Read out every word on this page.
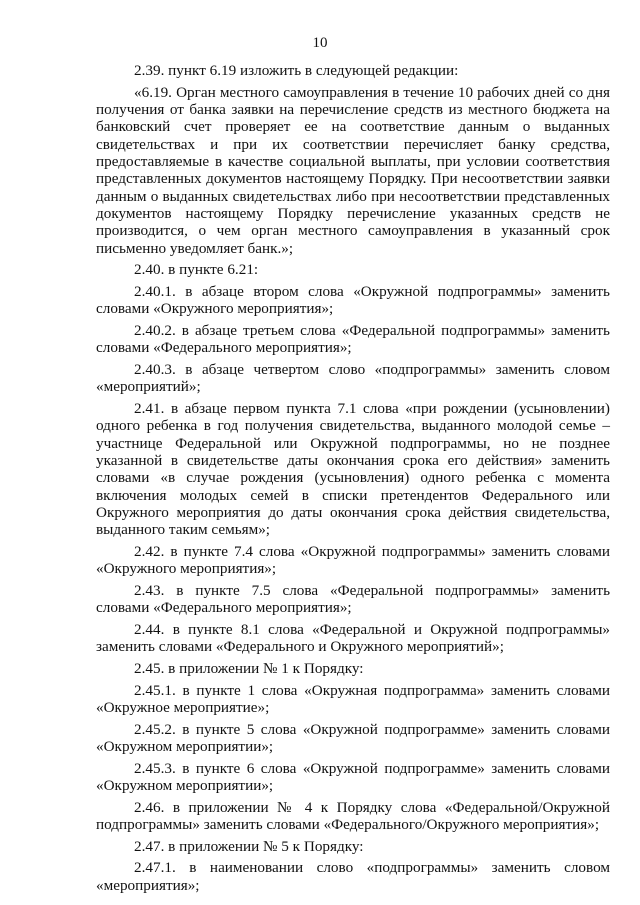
10

2.39. пункт 6.19 изложить в следующей редакции:

«6.19. Орган местного самоуправления в течение 10 рабочих дней со дня получения от банка заявки на перечисление средств из местного бюджета на банковский счет проверяет ее на соответствие данным о выданных свидетельствах и при их соответствии перечисляет банку средства, предоставляемые в качестве социальной выплаты, при условии соответствия представленных документов настоящему Порядку. При несоответствии заявки данным о выданных свидетельствах либо при несоответствии представленных документов настоящему Порядку перечисление указанных средств не производится, о чем орган местного самоуправления в указанный срок письменно уведомляет банк.»;

2.40. в пункте 6.21:

2.40.1. в абзаце втором слова «Окружной подпрограммы» заменить словами «Окружного мероприятия»;

2.40.2. в абзаце третьем слова «Федеральной подпрограммы» заменить словами «Федерального мероприятия»;

2.40.3. в абзаце четвертом слово «подпрограммы» заменить словом «мероприятий»;

2.41. в абзаце первом пункта 7.1 слова «при рождении (усыновлении) одного ребенка в год получения свидетельства, выданного молодой семье – участнице Федеральной или Окружной подпрограммы, но не позднее указанной в свидетельстве даты окончания срока его действия» заменить словами «в случае рождения (усыновления) одного ребенка с момента включения молодых семей в списки претендентов Федерального или Окружного мероприятия до даты окончания срока действия свидетельства, выданного таким семьям»;

2.42. в пункте 7.4 слова «Окружной подпрограммы» заменить словами «Окружного мероприятия»;

2.43. в пункте 7.5 слова «Федеральной подпрограммы» заменить словами «Федерального мероприятия»;

2.44. в пункте 8.1 слова «Федеральной и Окружной подпрограммы» заменить словами «Федерального и Окружного мероприятий»;

2.45. в приложении № 1 к Порядку:

2.45.1. в пункте 1 слова «Окружная подпрограмма» заменить словами «Окружное мероприятие»;

2.45.2. в пункте 5 слова «Окружной подпрограмме» заменить словами «Окружном мероприятии»;

2.45.3. в пункте 6 слова «Окружной подпрограмме» заменить словами «Окружном мероприятии»;

2.46. в приложении № 4 к Порядку слова «Федеральной/Окружной подпрограммы» заменить словами «Федерального/Окружного мероприятия»;

2.47. в приложении № 5 к Порядку:

2.47.1. в наименовании слово «подпрограммы» заменить словом «мероприятия»;
